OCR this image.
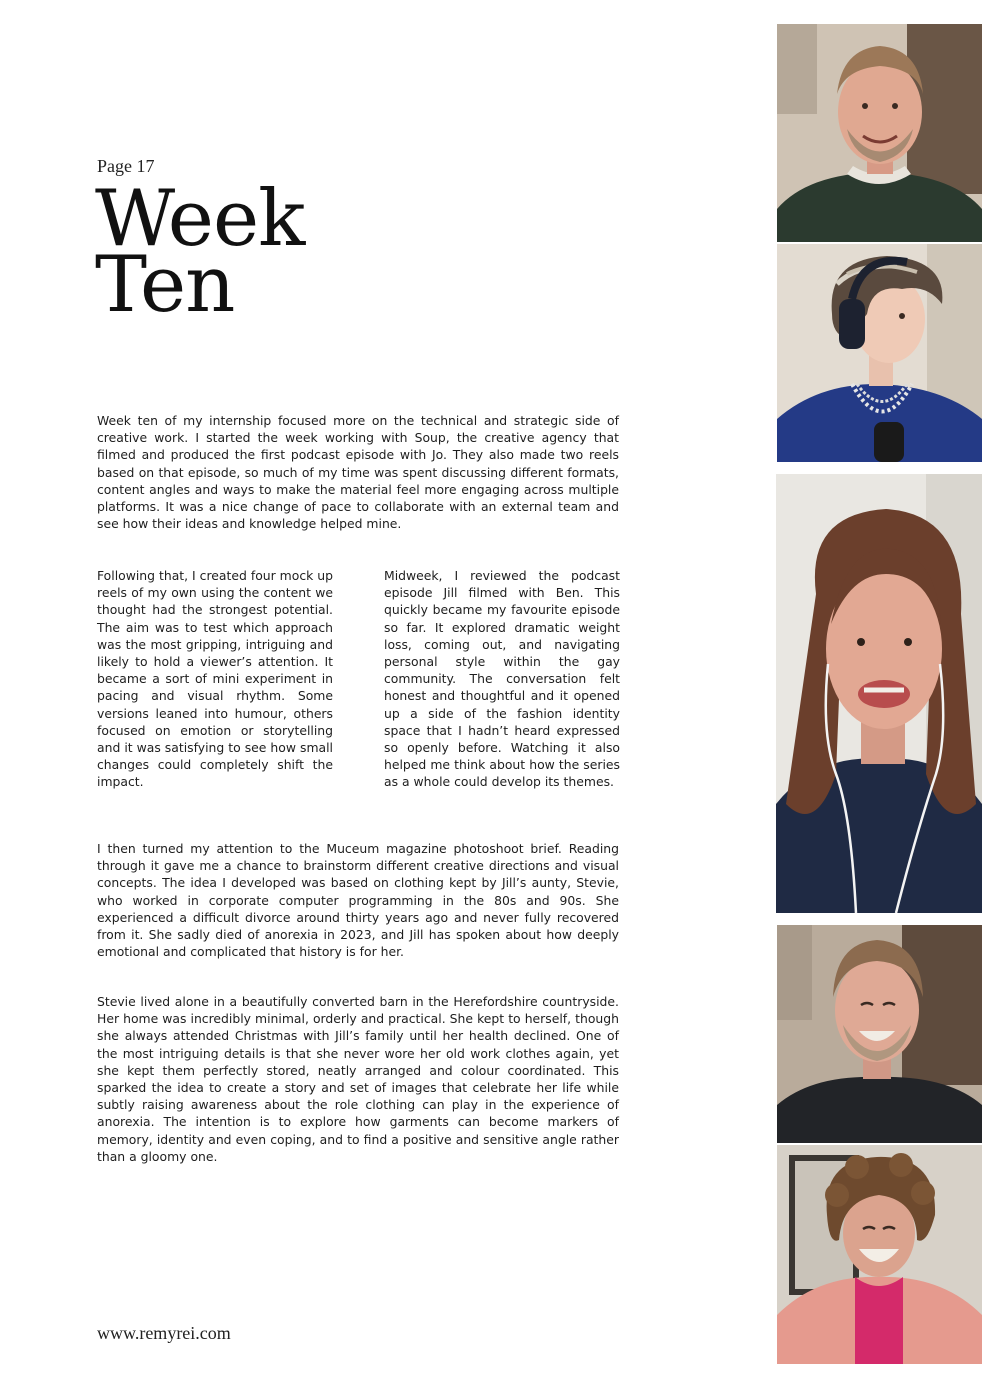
Page 17
Week
Ten

Week ten of my internship focused more on the technical and strategic side of creative work. I started the week working with Soup, the creative agency that filmed and produced the first podcast episode with Jo. They also made two reels based on that episode, so much of my time was spent discussing different formats, content angles and ways to make the material feel more engaging across multiple platforms. It was a nice change of pace to collaborate with an external team and see how their ideas and knowledge helped mine.

Following that, I created four mock up reels of my own using the content we thought had the strongest potential. The aim was to test which approach was the most gripping, intriguing and likely to hold a viewer’s attention. It became a sort of mini experiment in pacing and visual rhythm. Some versions leaned into humour, others focused on emotion or storytelling and it was satisfying to see how small changes could completely shift the impact.

Midweek, I reviewed the podcast episode Jill filmed with Ben. This quickly became my favourite episode so far. It explored dramatic weight loss, coming out, and navigating personal style within the gay community. The conversation felt honest and thoughtful and it opened up a side of the fashion identity space that I hadn’t heard expressed so openly before. Watching it also helped me think about how the series as a whole could develop its themes.

I then turned my attention to the Muceum magazine photoshoot brief. Reading through it gave me a chance to brainstorm different creative directions and visual concepts. The idea I developed was based on clothing kept by Jill’s aunty, Stevie, who worked in corporate computer programming in the 80s and 90s. She experienced a difficult divorce around thirty years ago and never fully recovered from it. She sadly died of anorexia in 2023, and Jill has spoken about how deeply emotional and complicated that history is for her.

Stevie lived alone in a beautifully converted barn in the Herefordshire countryside. Her home was incredibly minimal, orderly and practical. She kept to herself, though she always attended Christmas with Jill’s family until her health declined. One of the most intriguing details is that she never wore her old work clothes again, yet she kept them perfectly stored, neatly arranged and colour coordinated. This sparked the idea to create a story and set of images that celebrate her life while subtly raising awareness about the role clothing can play in the experience of anorexia. The intention is to explore how garments can become markers of memory, identity and even coping, and to find a positive and sensitive angle rather than a gloomy one.

www.remyrei.com
